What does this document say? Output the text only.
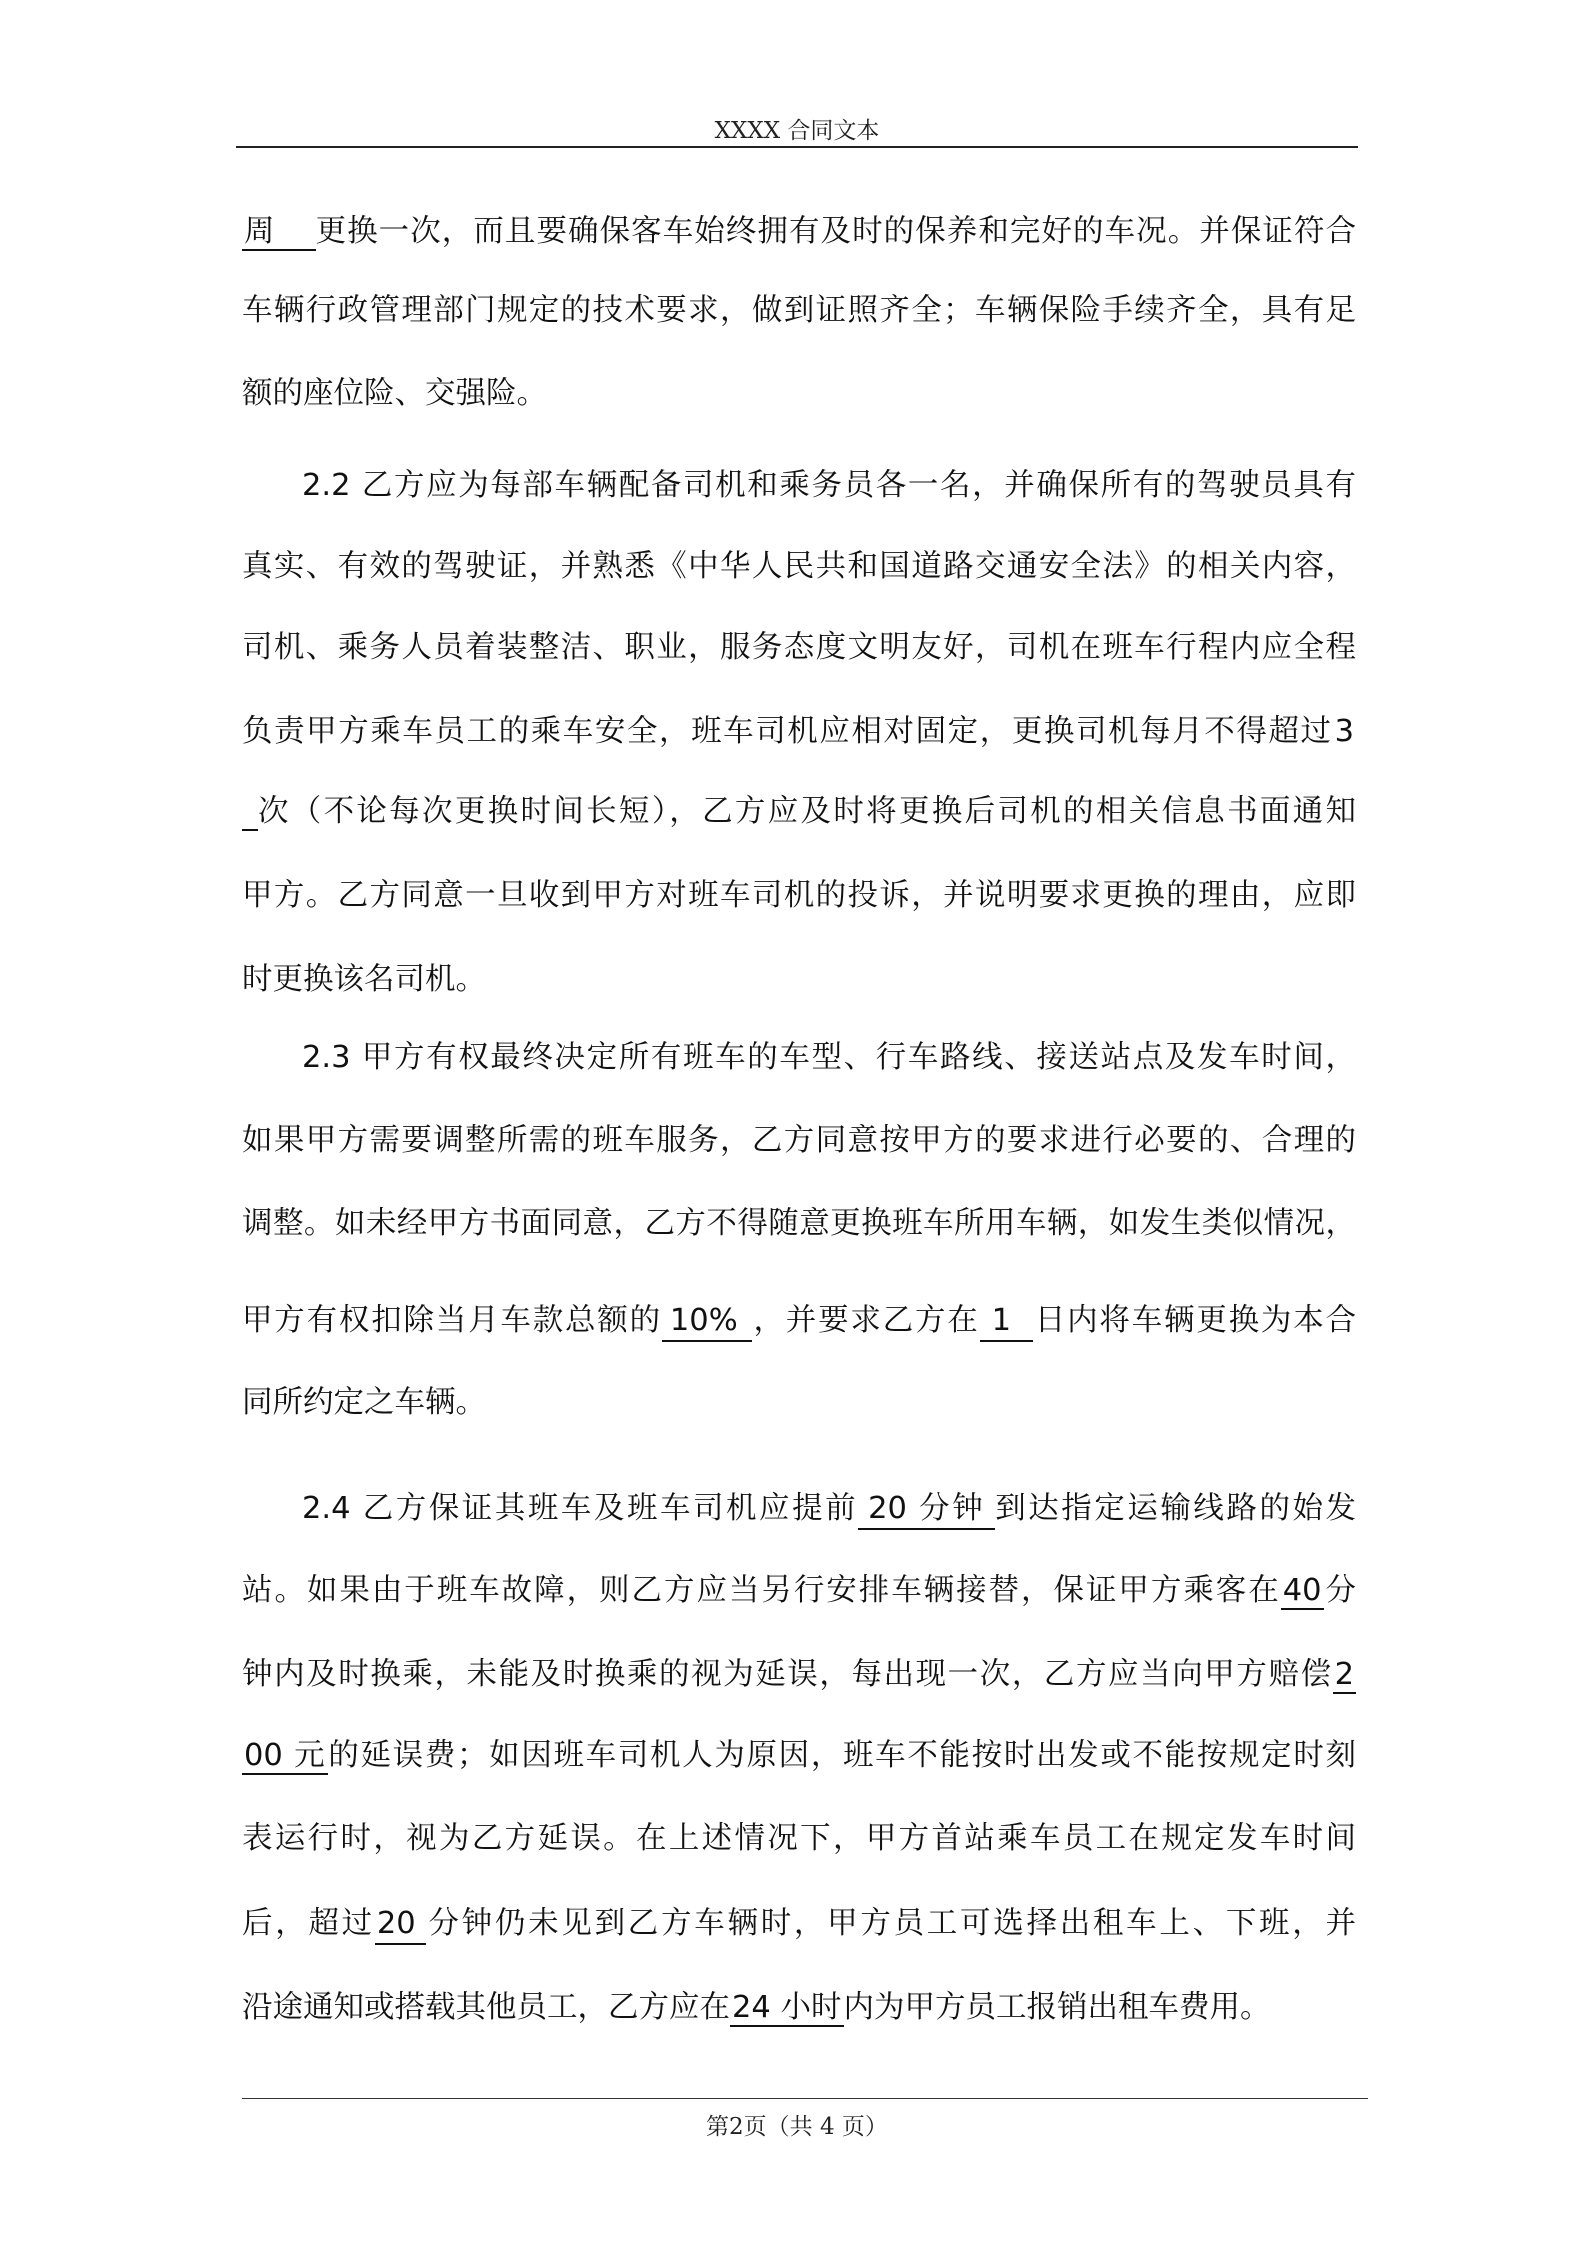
XXXX 合同文本
周 更换一次，而且要确保客车始终拥有及时的保养和完好的车况。并保证符合
车辆行政管理部门规定的技术要求，做到证照齐全；车辆保险手续齐全，具有足
额的座位险、交强险。
2.2 乙方应为每部车辆配备司机和乘务员各一名，并确保所有的驾驶员具有
真实、有效的驾驶证，并熟悉《中华人民共和国道路交通安全法》的相关内容，
司机、乘务人员着装整洁、职业，服务态度文明友好，司机在班车行程内应全程
负责甲方乘车员工的乘车安全，班车司机应相对固定，更换司机每月不得超过3
次（不论每次更换时间长短），乙方应及时将更换后司机的相关信息书面通知
甲方。乙方同意一旦收到甲方对班车司机的投诉，并说明要求更换的理由，应即
时更换该名司机。
2.3 甲方有权最终决定所有班车的车型、行车路线、接送站点及发车时间，
如果甲方需要调整所需的班车服务，乙方同意按甲方的要求进行必要的、合理的
调整。如未经甲方书面同意，乙方不得随意更换班车所用车辆，如发生类似情况，
甲方有权扣除当月车款总额的 10% ，并要求乙方在 1 日内将车辆更换为本合
同所约定之车辆。
2.4 乙方保证其班车及班车司机应提前 20 分钟 到达指定运输线路的始发
站。如果由于班车故障，则乙方应当另行安排车辆接替，保证甲方乘客在40分
钟内及时换乘，未能及时换乘的视为延误，每出现一次，乙方应当向甲方赔偿2
00 元的延误费；如因班车司机人为原因，班车不能按时出发或不能按规定时刻
表运行时，视为乙方延误。在上述情况下，甲方首站乘车员工在规定发车时间
后，超过20 分钟仍未见到乙方车辆时，甲方员工可选择出租车上、下班，并
沿途通知或搭载其他员工，乙方应在24 小时内为甲方员工报销出租车费用。
第2页（共 4 页）
